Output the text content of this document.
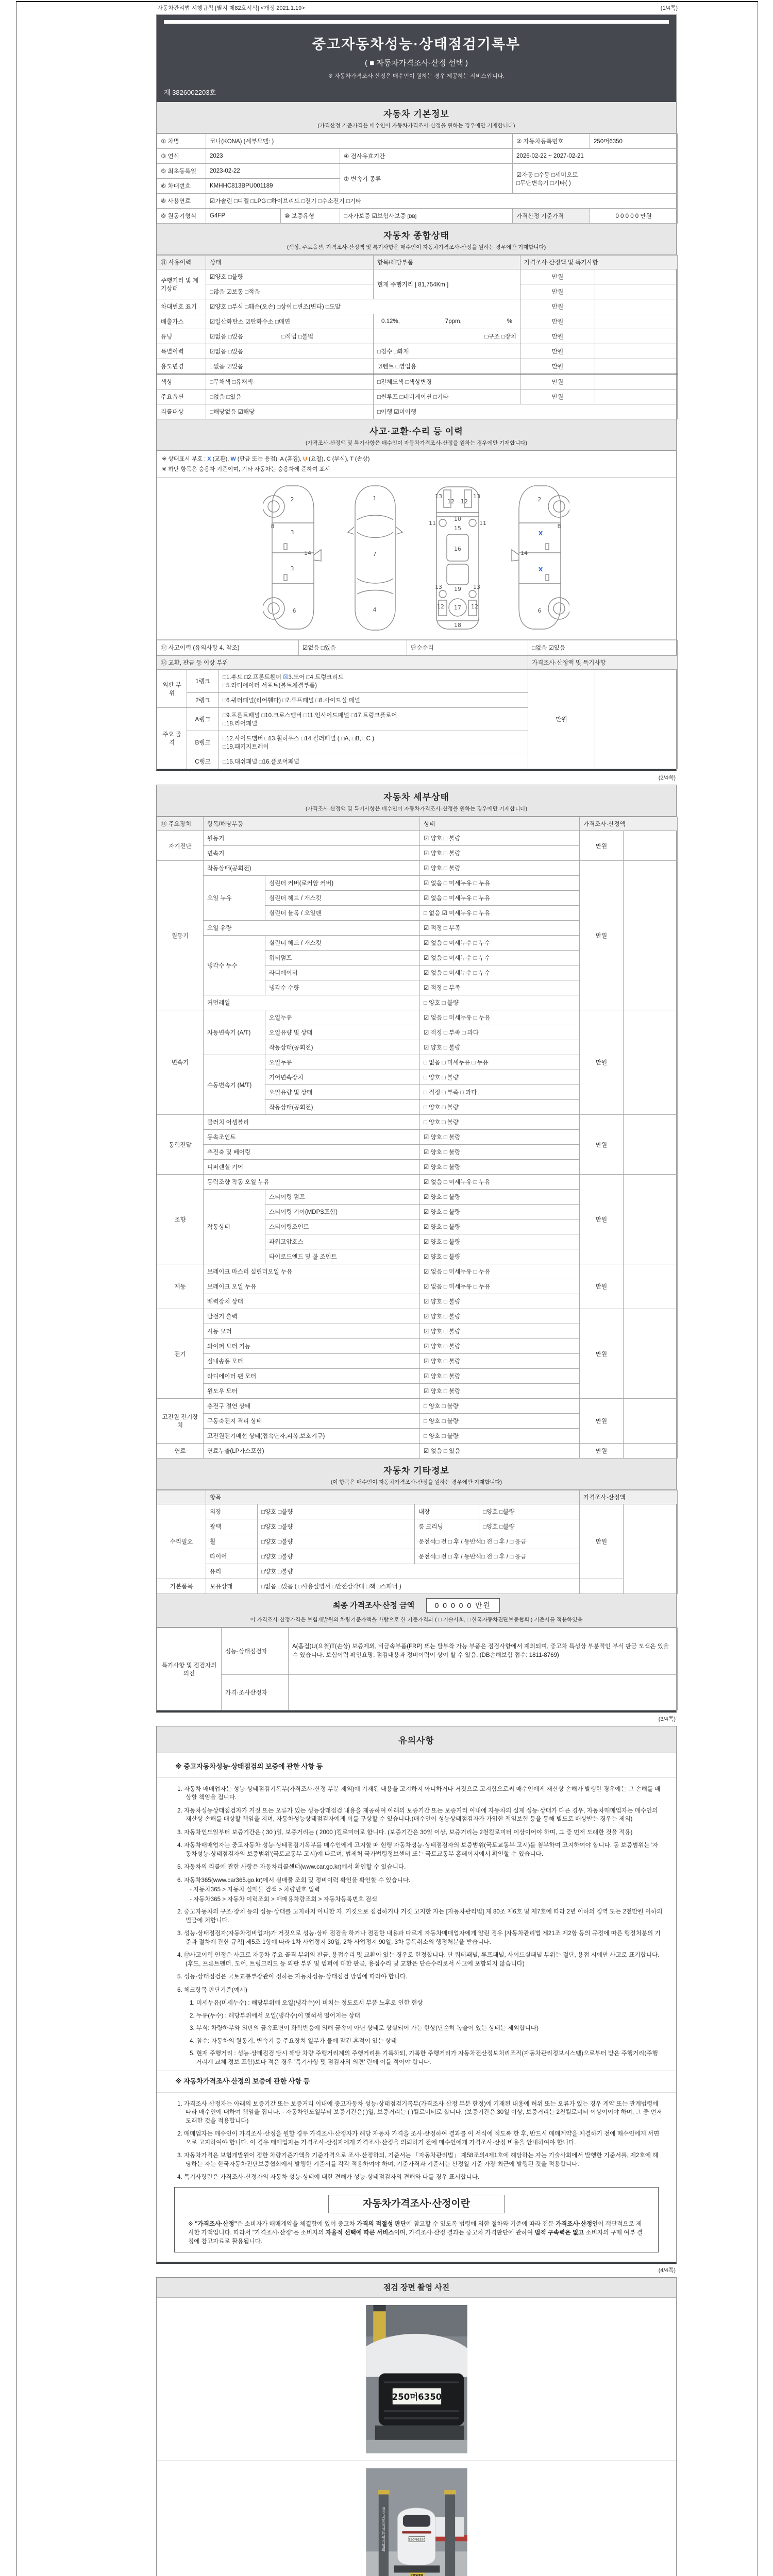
자동차관리법 시행규칙 [별지 제82호서식] <개정 2021.1.19>	(1/4쪽)
중고자동차성능·상태점검기록부
( ■ 자동차가격조사·산정 선택 )
※ 자동차가격조사·산정은 매수인이 원하는 경우 제공하는 서비스입니다.
제 3826002203호
자동차 기본정보
(가격산정 기준가격은 매수인이 자동차가격조사·산정을 원하는 경우에만 기재합니다)
① 차명	코나(KONA) (세부모델: )			② 자동차등록번호	250머6350
③ 연식	2023		④ 검사유효기간	2026-02-22 ~ 2027-02-21	
⑤ 최초등록일	2023-02-22		⑦ 변속기 종류	☑자동 □수동 □세미오토
□무단변속기 □기타( )	
⑥ 차대번호	KMHHC813BPU001189				
⑧ 사용연료	☑가솔린 □디젤 □LPG □하이브리드 □전기 □수소전기 □기타				
⑨ 원동기형식	G4FP	⑩ 보증유형	□자가보증 ☑보험사보증 [DB]	가격산정 기준가격	0 0 0 0 0 만원
자동차 종합상태
(색상, 주요옵션, 가격조사·산정액 및 특기사항은 매수인이 자동차가격조사·산정을 원하는 경우에만 기재합니다)
⑪ 사용이력	상태	항목/해당부품	가격조사·산정액 및 특기사항	
주행거리 및 계기상태	☑양호 □불량	현재 주행거리 [ 81,754Km ]	만원	
	□많음 ☑보통 □적음		만원	
차대번호 표기	☑양호 □부식 □훼손(오손) □상이 □변조(변타) □도말		만원	
배출가스	☑일산화탄소 ☑탄화수소 □매연	0.12%, 7ppm, %	만원	
튜닝	☑없음 □있음 □적법 □불법	□구조 □장치	만원	
특별이력	☑없음 □있음	□침수 □화재	만원	
용도변경	□없음 ☑있음	☑렌트 □영업용	만원	
색상	□무채색 □유채색	□전체도색 □색상변경	만원	
주요옵션	□없음 □있음	□썬루프 □네비게이션 □기타	만원	
리콜대상	□해당없음 ☑해당	□이행 ☑미이행		
사고·교환·수리 등 이력
(가격조사·산정액 및 특기사항은 매수인이 자동차가격조사·산정을 원하는 경우에만 기재합니다)
※ 상태표시 부호 : X (교환), W (판금 또는 용접), A (흠집), U (요철), C (부식), T (손상)
※ 하단 항목은 승용차 기준이며, 기타 자동차는 승용차에 준하여 표시
2
8
3
14
3
6
1
7
4
13
12 12
13
11	11
10
15
16
13 19 13
12	12
17
18
2
8
X
14
X
6
⑫ 사고이력 (유의사항 4. 참조)	☑없음 □있음	단순수리	□없음 ☑있음
⑬ 교환, 판금 등 이상 부위			가격조사·산정액 및 특기사항	
외판 부위	1랭크	□1.후드 □2.프론트휀더 ☒3.도어 □4.트렁크리드
□5.라디에이터 서포트(볼트체결부품)	만원	
	2랭크	□6.쿼터패널(리어휀다) □7.루프패널 □8.사이드실 패널		
주요 골격	A랭크	□9.프론트패널 □10.크로스멤버 □11.인사이드패널 □17.트렁크플로어
□18.리어패널		
	B랭크	□12.사이드멤버 □13.휠하우스 □14.필러패널 ( □A, □B, □C )
□19.패키지트레이		
	C랭크	□15.대쉬패널 □16.플로어패널		
(2/4쪽)
자동차 세부상태
(가격조사·산정액 및 특기사항은 매수인이 자동차가격조사·산정을 원하는 경우에만 기재합니다)
⑭ 주요장치	항목/해당부품		상태	가격조사·산정액	
자기진단	원동기		☑ 양호 □ 불량	만원	
	변속기		☑ 양호 □ 불량		
원동기	작동상태(공회전)		☑ 양호 □ 불량	만원	
	오일 누유	실린더 커버(로커암 커버)	☑ 없음 □ 미세누유 □ 누유		
		실린더 헤드 / 개스킷	☑ 없음 □ 미세누유 □ 누유		
		실린더 블록 / 오일팬	□ 없음 ☑ 미세누유 □ 누유		
	오일 유량		☑ 적정 □ 부족		
	냉각수 누수	실린더 헤드 / 개스킷	☑ 없음 □ 미세누수 □ 누수		
		워터펌프	☑ 없음 □ 미세누수 □ 누수		
		라디에이터	☑ 없음 □ 미세누수 □ 누수		
		냉각수 수량	☑ 적정 □ 부족		
	커먼레일		□ 양호 □ 불량		
변속기	자동변속기 (A/T)	오일누유	☑ 없음 □ 미세누유 □ 누유	만원	
		오일유량 및 상태	☑ 적정 □ 부족 □ 과다		
		작동상태(공회전)	☑ 양호 □ 불량		
	수동변속기 (M/T)	오일누유	□ 없음 □ 미세누유 □ 누유		
		기어변속장치	□ 양호 □ 불량		
		오일유량 및 상태	□ 적정 □ 부족 □ 과다		
		작동상태(공회전)	□ 양호 □ 불량		
동력전달	클러치 어셈블리		□ 양호 □ 불량	만원	
	등속조인트		☑ 양호 □ 불량		
	추진축 및 베어링		☑ 양호 □ 불량		
	디퍼렌셜 기어		☑ 양호 □ 불량		
조향	동력조향 작동 오일 누유		☑ 없음 □ 미세누유 □ 누유	만원	
	작동상태	스티어링 펌프	☑ 양호 □ 불량		
		스티어링 기어(MDPS포함)	☑ 양호 □ 불량		
		스티어링조인트	☑ 양호 □ 불량		
		파워고압호스	☑ 양호 □ 불량		
		타이로드엔드 및 볼 조인트	☑ 양호 □ 불량		
제동	브레이크 마스터 실린더오일 누유		☑ 없음 □ 미세누유 □ 누유	만원	
	브레이크 오일 누유		☑ 없음 □ 미세누유 □ 누유		
	배력장치 상태		☑ 양호 □ 불량		
전기	발전기 출력		☑ 양호 □ 불량	만원	
	시동 모터		☑ 양호 □ 불량		
	와이퍼 모터 기능		☑ 양호 □ 불량		
	실내송풍 모터		☑ 양호 □ 불량		
	라디에이터 팬 모터		☑ 양호 □ 불량		
	윈도우 모터		☑ 양호 □ 불량		
고전원 전기장치	충전구 절연 상태		□ 양호 □ 불량	만원	
	구동축전지 격리 상태		□ 양호 □ 불량		
	고전원전기배선 상태(접속단자,피복,보호기구)		□ 양호 □ 불량		
연료	연료누출(LP가스포함)		☑ 없음 □ 있음	만원	
자동차 기타정보
(이 항목은 매수인이 자동차가격조사·산정을 원하는 경우에만 기재합니다)
	항목				가격조사·산정액	
수리필요	외장	□양호 □불량	내장	□양호 □불량	만원	
	광택	□양호 □불량	룸 크리닝	□양호 □불량		
	휠	□양호 □불량	운전석□ 전 □ 후 / 동반석□ 전 □ 후 / □ 응급			
	타이어	□양호 □불량	운전석□ 전 □ 후 / 동반석□ 전 □ 후 / □ 응급			
	유리	□양호 □불량				
기본품목	보유상태	□없음 □있음 ( □사용설명서 □안전삼각대 □잭 □스패너 )				
최종 가격조사·산정 금액	0 0 0 0 0 만원
이 가격조사·산정가격은 보험개발원의 차량기준가액을 바탕으로 한 기준가격과 ( □ 기술사회, □ 한국자동차진단보증협회 ) 기준서를 적용하였음
특기사항 및 점검자의 의견	성능·상태점검자	A(흠집)U(요철)T(손상) 보증제외, 비금속부품(FRP) 또는 탈부착 가능 부품은 점검사항에서 제외되며, 중고차 특성상 부분적인 부식 판금 도색은 있을 수 있습니다. 보험이력 확인요망. 점검내용과 정비이력이 상이 할 수 있음. (DB손해보험 접수: 1811-8769)
	가격·조사산정자	
(3/4쪽)
유의사항
※ 중고자동차성능·상태점검의 보증에 관한 사항 등
1. 자동차 매매업자는 성능·상태점검기록부(가격조사·산정 부분 제외)에 기재된 내용을 고지하지 아니하거나 거짓으로 고지함으로써 매수인에게 재산상 손해가 발생한 경우에는 그 손해를 배상할 책임을 집니다.
2. 자동차성능상태점검자가 거짓 또는 오류가 있는 성능상태점검 내용을 제공하여 아래의 보증기간 또는 보증거리 이내에 자동차의 실제 성능·상태가 다른 경우, 자동차매매업자는 매수인의 재산상 손해를 배상할 책임을 지며, 자동차성능상태점검자에게 이를 구상할 수 있습니다.(매수인이 성능상태점검자가 가입한 책임보험 등을 통해 별도로 배상받는 경우는 제외)
3. 자동차인도일부터 보증기간은 ( 30 )일, 보증거리는 ( 2000 )킬로미터로 합니다. (보증기간은 30일 이상, 보증거리는 2천킬로미터 이상이어야 하며, 그 중 먼저 도래한 것을 적용)
4. 자동차매매업자는 중고자동차 성능·상태점검기록부를 매수인에게 고지할 때 현행 자동차성능·상태점검자의 보증범위(국토교통부 고시)를 첨부하여 고지하여야 합니다. 동 보증범위는 '자동차성능·상태점검자의 보증범위'(국토교통부 고시)에 따르며, 법제처 국가법령정보센터 또는 국토교통부 홈페이지에서 확인할 수 있습니다.
5. 자동차의 리콜에 관한 사항은 자동차리콜센터(www.car.go.kr)에서 확인할 수 있습니다.
6. 자동차365(www.car365.go.kr)에서 실매물 조회 및 정비이력 확인을 확인할 수 있습니다.
- 자동차365 > 자동차 실매물 검색 > 차량번호 입력
- 자동차365 > 자동차 이력조회 > 매매용차량조회 > 자동차등록번호 검색
2. 중고자동차의 구조·장치 등의 성능·상태를 고지하지 아니한 자, 거짓으로 점검하거나 거짓 고지한 자는 [자동차관리법] 제 80조 제6호 및 제7호에 따라 2년 이하의 징역 또는 2천만원 이하의 벌금에 처합니다.
3. 성능·상태점검자(자동차정비업자)가 거짓으로 성능·상태 점검을 하거나 점검한 내용과 다르게 자동차매매업자에게 알린 경우 [자동차관리법 제21조 제2항 등의 규정에 따른 행정처분의 기준과 절차에 관한 규칙] 제5조 1항에 따라 1차 사업정지 30일, 2차 사업정지 90일, 3차 등록취소의 행정처분을 받습니다.
4. ⑫사고이력 인정은 사고로 자동차 주요 골격 부위의 판금, 용접수리 및 교환이 있는 경우로 한정합니다. 단 쿼터패널, 루프패널, 사이드실패널 부위는 절단, 용접 시에만 사고로 표기합니다. (후드, 프론트펜더, 도어, 트렁크리드 등 외판 부위 및 범퍼에 대한 판금, 용접수리 및 교환은 단순수리로서 사고에 포함되지 않습니다)
5. 성능·상태점검은 국토교통부장관이 정하는 자동차성능·상태점검 방법에 따라야 합니다.
6. 체크항목 판단기준(예시)
1. 미세누유(미세누수) : 해당부위에 오일(냉각수)이 비치는 정도로서 부품 노후로 인한 현상
2. 누유(누수) : 해당부위에서 오일(냉각수)이 맺혀서 떨어지는 상태
3. 부식: 차량하부와 외판의 금속표면이 화학반응에 의해 금속이 아닌 상태로 상실되어 가는 현상(단순히 녹슬어 있는 상태는 제외합니다)
4. 침수: 자동차의 원동기, 변속기 등 주요장치 일부가 물에 잠긴 흔적이 있는 상태
5. 현재 주행거리 : 성능·상태점검 당시 해당 차량 주행거리계의 주행거리를 기록하되, 기록한 주행거리가 자동차전산정보처리조직(자동차관리정보시스템)으로부터 받은 주행거리(주행거리계 교체 정보 포함)보다 적은 경우 '특기사항 및 점검자의 의견' 란에 이를 적어야 합니다.
※ 자동차가격조사·산정의 보증에 관한 사항 등
1. 가격조사·산정자는 아래의 보증기간 또는 보증거리 이내에 중고자동차 성능·상태점검기록부(가격조사·산정 부분 한정)에 기재된 내용에 허위 또는 오류가 있는 경우 계약 또는 관계법령에 따라 매수인에 대하여 책임을 집니다. · 자동차인도일부터 보증기간은( )일, 보증거리는 ( )킬로미터로 합니다. (보증기간은 30일 이상, 보증거리는 2천킬로미터 이상이어야 하며, 그 중 먼저 도래한 것을 적용합니다)
2. 매매업자는 매수인이 가격조사·산정을 원할 경우 가격조사·산정자가 해당 자동차 가격을 조사·산정하여 결과를 이 서식에 적도록 한 후, 반드시 매매계약을 체결하기 전에 매수인에게 서면으로 고지하여야 합니다. 이 경우 매매업자는 가격조사·산정자에게 가격조사·산정을 의뢰하기 전에 매수인에게 가격조사·산정 비용을 안내하여야 합니다.
3. 자동차가격은 보험개발원이 정한 차량기준가액을 기준가격으로 조사·산정하되, 기준서는 「자동차관리법」 제58조의4제1호에 해당하는 자는 기술사회에서 발행한 기준서를, 제2호에 해당하는 자는 한국자동차진단보증협회에서 발행한 기준서를 각각 적용하여야 하며, 기준가격과 기준서는 산정일 기준 가장 최근에 발행된 것을 적용합니다.
4. 특기사항란은 가격조사·산정자의 자동차 성능·상태에 대한 견해가 성능·상태점검자의 견해와 다를 경우 표시합니다.
자동차가격조사·산정이란
※ "가격조사·산정"은 소비자가 매매계약을 체결함에 있어 중고차 가격의 적절성 판단에 참고할 수 있도록 법령에 의한 절차와 기준에 따라 전문 가격조사·산정인이 객관적으로 제시한 가액입니다. 따라서 "가격조사·산정"은 소비자의 자율적 선택에 따른 서비스이며, 가격조사·산정 결과는 중고차 가격판단에 관하여 법적 구속력은 없고 소비자의 구매 여부 결정에 참고자료로 활용됩니다.
(4/4쪽)
점검 장면 촬영 사진
250머6350
전국자동차성능평가협회	250머6350
POWER
